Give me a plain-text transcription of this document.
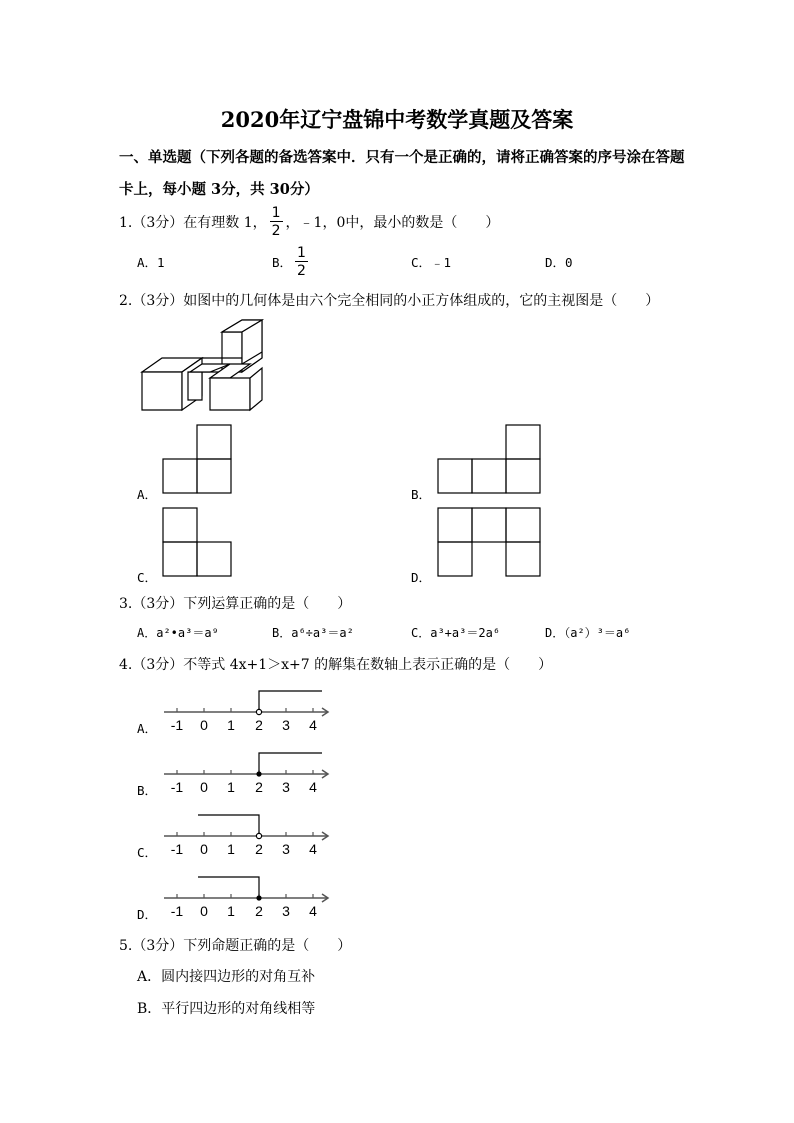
2020年辽宁盘锦中考数学真题及答案
一、单选题（下列各题的备选答案中．只有一个是正确的，请将正确答案的序号涂在答题
卡上，每小题 3分，共 30分）
1.（3分）在有理数 1， $\frac{1}{2}$ ，﹣1，0中，最小的数是（　　）
A．1	B． $\frac{1}{2}$	C．﹣1	D．0
2.（3分）如图中的几何体是由六个完全相同的小正方体组成的，它的主视图是（　　）
A．	B．
C．	D．
3.（3分）下列运算正确的是（　　）
A．a²•a³＝a⁹	B．a⁶÷a³＝a²	C．a³+a³＝2a⁶	D．（a²）³＝a⁶
4.（3分）不等式 4x+1＞x+7 的解集在数轴上表示正确的是（　　）
A． -1 0 1 2 3 4
B． -1 0 1 2 3 4
C． -1 0 1 2 3 4
D． -1 0 1 2 3 4
5.（3分）下列命题正确的是（　　）
A．圆内接四边形的对角互补
B．平行四边形的对角线相等
